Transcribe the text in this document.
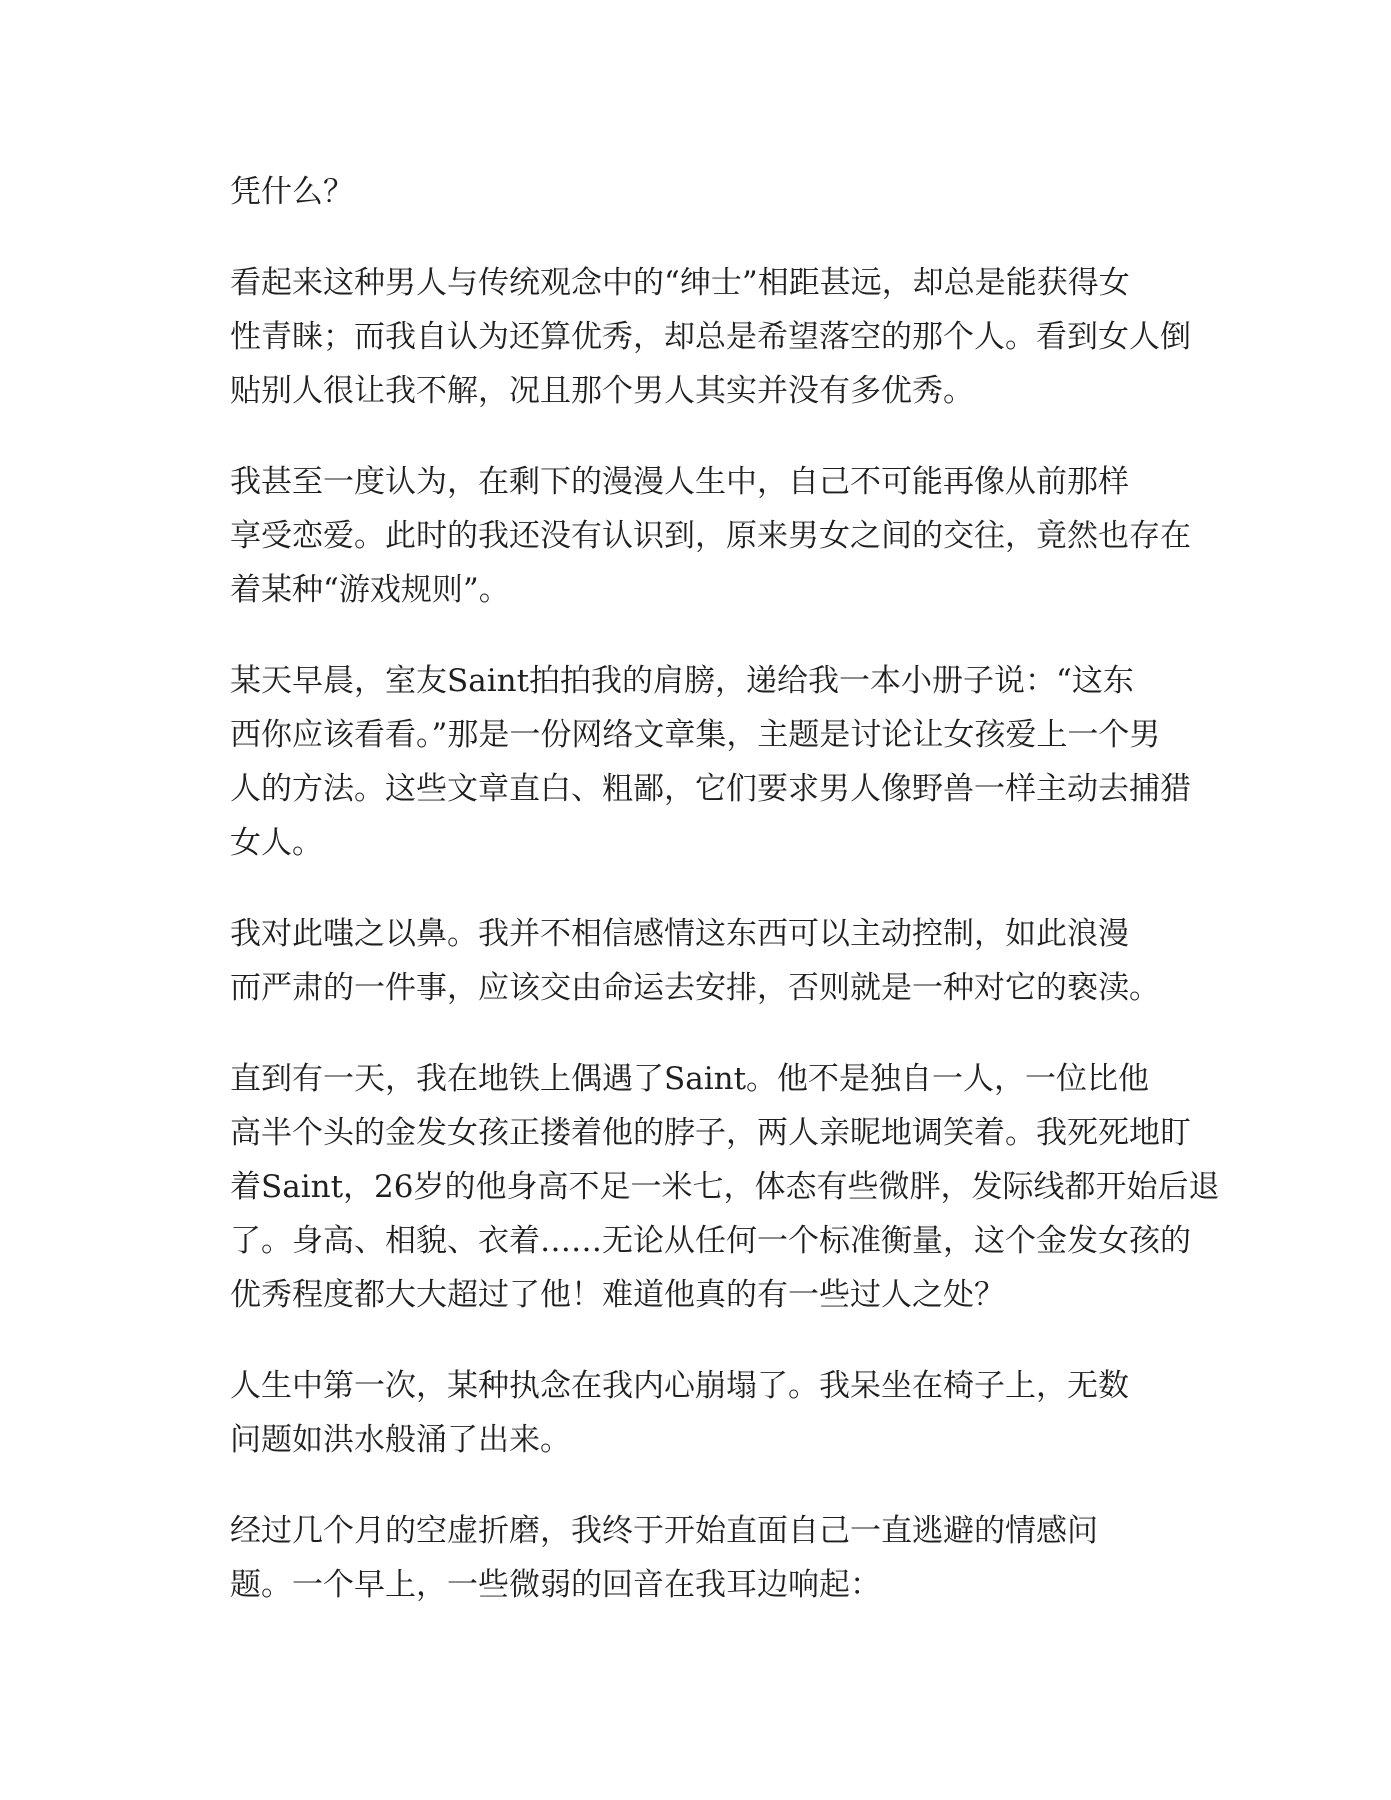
凭什么？

看起来这种男人与传统观念中的“绅士”相距甚远，却总是能获得女
性青睐；而我自认为还算优秀，却总是希望落空的那个人。看到女人倒
贴别人很让我不解，况且那个男人其实并没有多优秀。

我甚至一度认为，在剩下的漫漫人生中，自己不可能再像从前那样
享受恋爱。此时的我还没有认识到，原来男女之间的交往，竟然也存在
着某种“游戏规则”。

某天早晨，室友Saint拍拍我的肩膀，递给我一本小册子说：“这东
西你应该看看。”那是一份网络文章集，主题是讨论让女孩爱上一个男
人的方法。这些文章直白、粗鄙，它们要求男人像野兽一样主动去捕猎
女人。

我对此嗤之以鼻。我并不相信感情这东西可以主动控制，如此浪漫
而严肃的一件事，应该交由命运去安排，否则就是一种对它的亵渎。

直到有一天，我在地铁上偶遇了Saint。他不是独自一人，一位比他
高半个头的金发女孩正搂着他的脖子，两人亲昵地调笑着。我死死地盯
着Saint，26岁的他身高不足一米七，体态有些微胖，发际线都开始后退
了。身高、相貌、衣着……无论从任何一个标准衡量，这个金发女孩的
优秀程度都大大超过了他！难道他真的有一些过人之处？

人生中第一次，某种执念在我内心崩塌了。我呆坐在椅子上，无数
问题如洪水般涌了出来。

经过几个月的空虚折磨，我终于开始直面自己一直逃避的情感问
题。一个早上，一些微弱的回音在我耳边响起：
